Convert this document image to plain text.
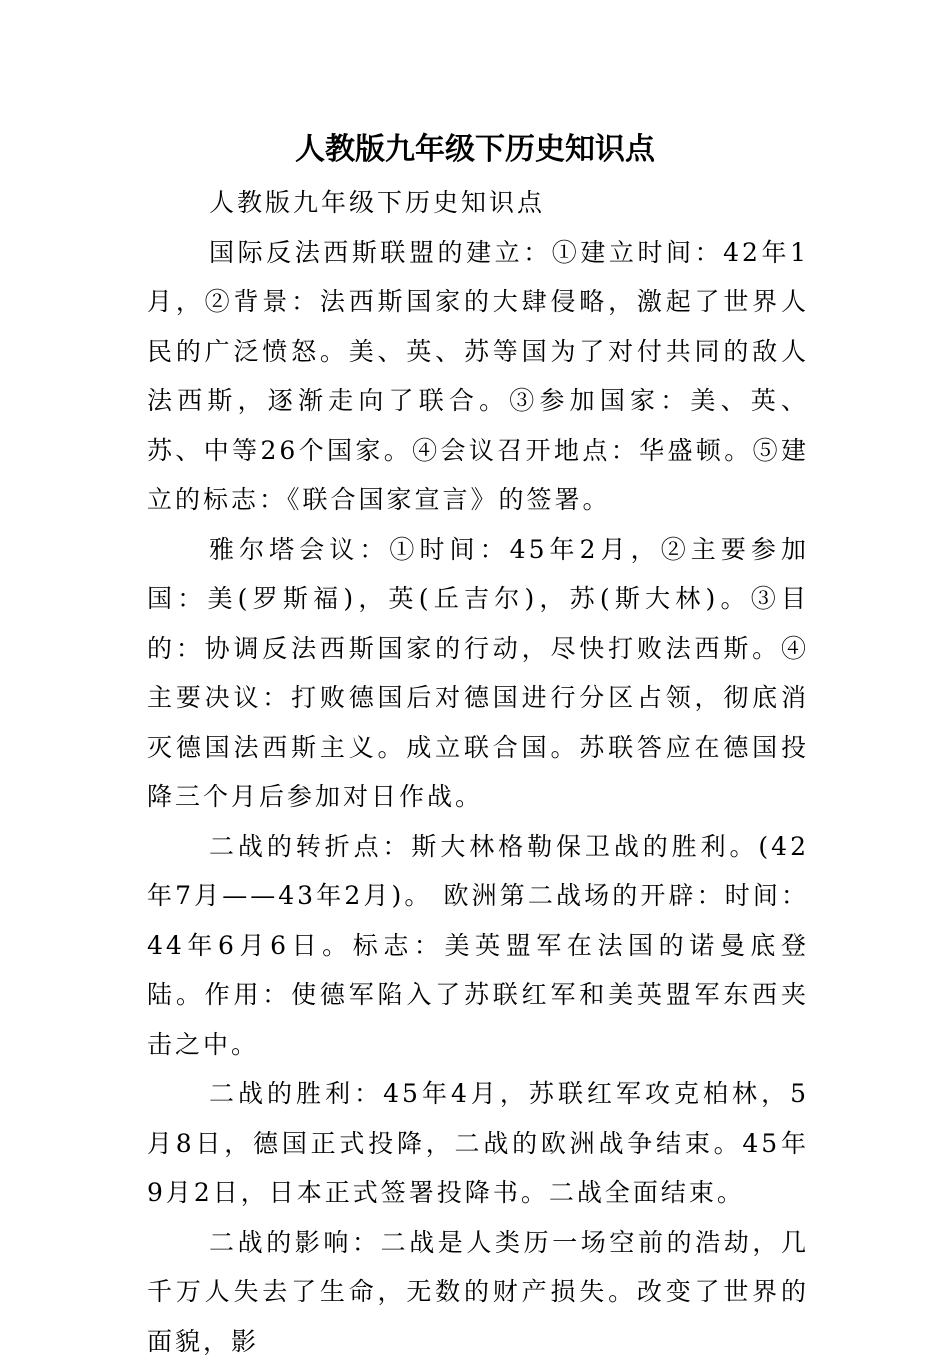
人教版九年级下历史知识点

人教版九年级下历史知识点

国际反法西斯联盟的建立：①建立时间：42年1月，②背景：法西斯国家的大肆侵略，激起了世界人民的广泛愤怒。美、英、苏等国为了对付共同的敌人法西斯，逐渐走向了联合。③参加国家：美、英、苏、中等26个国家。④会议召开地点：华盛顿。⑤建立的标志：《联合国家宣言》的签署。

雅尔塔会议：①时间：45年2月，②主要参加国：美(罗斯福)，英(丘吉尔)，苏(斯大林)。③目的：协调反法西斯国家的行动，尽快打败法西斯。④主要决议：打败德国后对德国进行分区占领，彻底消灭德国法西斯主义。成立联合国。苏联答应在德国投降三个月后参加对日作战。

二战的转折点：斯大林格勒保卫战的胜利。(42年7月——43年2月)。 欧洲第二战场的开辟：时间：44年6月6日。标志：美英盟军在法国的诺曼底登陆。作用：使德军陷入了苏联红军和美英盟军东西夹击之中。

二战的胜利：45年4月，苏联红军攻克柏林，5月8日，德国正式投降，二战的欧洲战争结束。45年9月2日，日本正式签署投降书。二战全面结束。

二战的影响：二战是人类历一场空前的浩劫，几千万人失去了生命，无数的财产损失。改变了世界的面貌，影
